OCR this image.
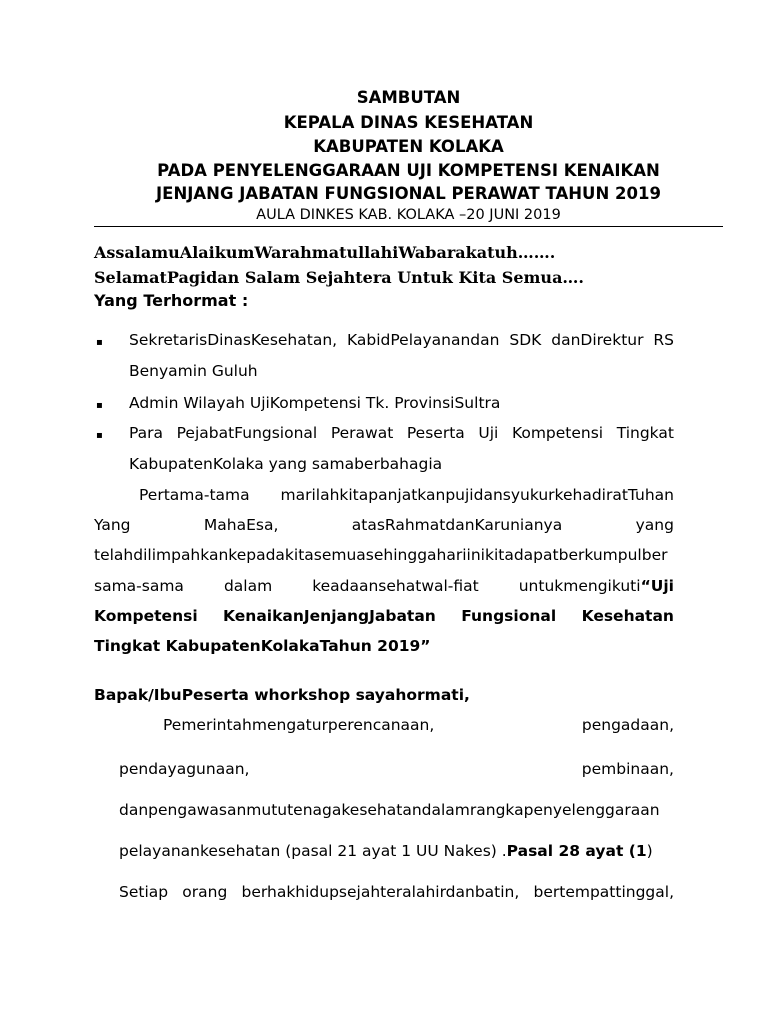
SAMBUTAN
KEPALA DINAS KESEHATAN
KABUPATEN KOLAKA
PADA PENYELENGGARAAN UJI KOMPETENSI KENAIKAN
JENJANG JABATAN FUNGSIONAL PERAWAT TAHUN 2019
AULA DINKES KAB. KOLAKA –20 JUNI 2019
AssalamuAlaikumWarahmatullahiWabarakatuh…….
SelamatPagidan Salam Sejahtera Untuk Kita Semua….
Yang Terhormat :
▪ SekretarisDinasKesehatan, KabidPelayanandan SDK danDirektur RS
Benyamin Guluh
▪ Admin Wilayah UjiKompetensi Tk. ProvinsiSultra
▪ Para PejabatFungsional Perawat Peserta Uji Kompetensi Tingkat
KabupatenKolaka yang samaberbahagia
Pertama-tama marilahkitapanjatkanpujidansyukurkehadiratTuhan
Yang	MahaEsa,	atasRahmatdanKarunianya	yang
telahdilimpahkankepadakitasemuasehinggahariinikitadapatberkumpulber
sama-sama	dalam	keadaansehatwal-fiat	untukmengikuti“Uji
Kompetensi KenaikanJenjangJabatan Fungsional Kesehatan
Tingkat KabupatenKolakaTahun 2019”
Bapak/IbuPeserta whorkshop sayahormati,
Pemerintahmengaturperencanaan,	pengadaan,
pendayagunaan,	pembinaan,
danpengawasanmututenagakesehatandalamrangkapenyelenggaraan
pelayanankesehatan (pasal 21 ayat 1 UU Nakes) .Pasal 28 ayat (1)
Setiap orang berhakhidupsejahteralahirdanbatin, bertempattinggal,
